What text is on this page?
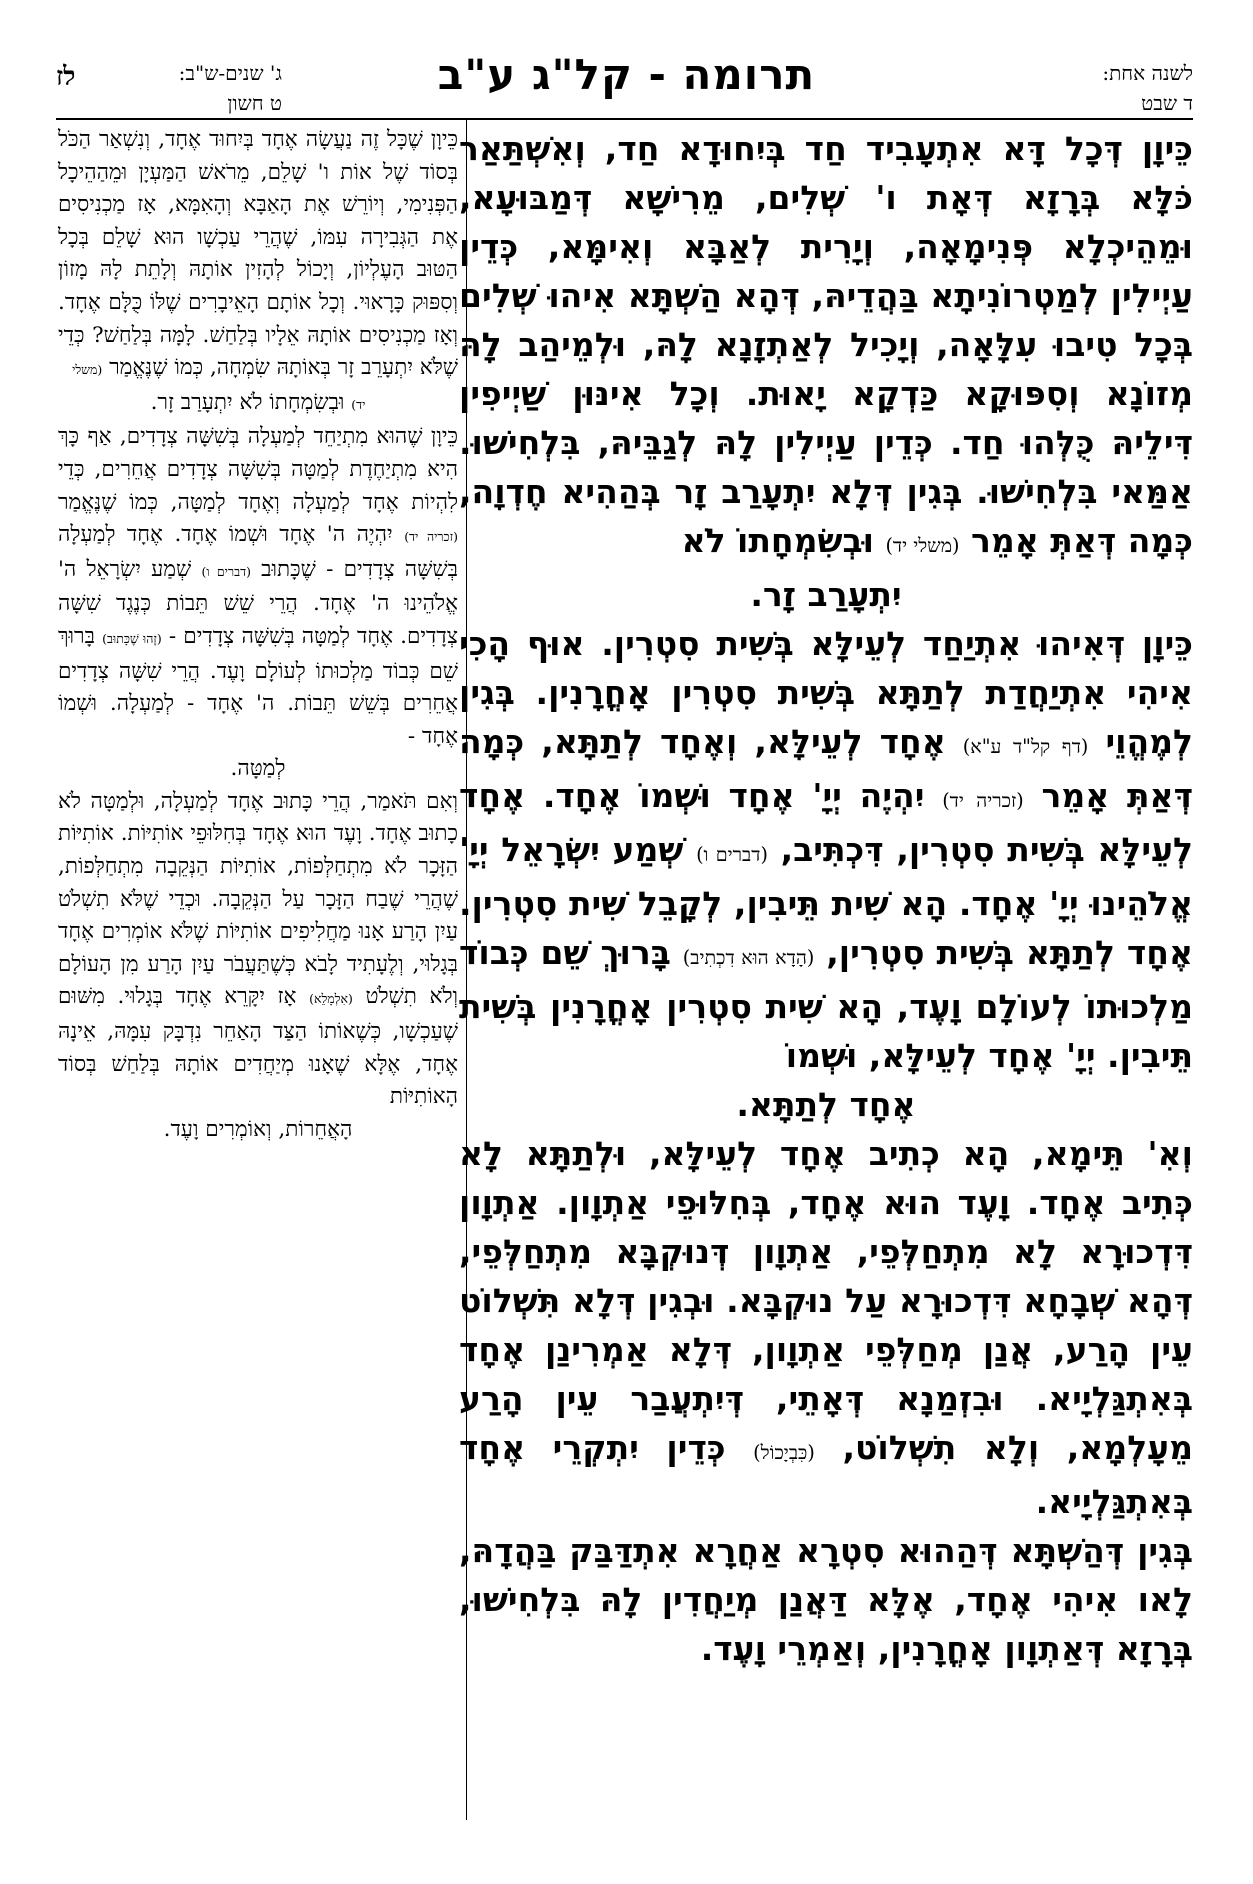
לשנה אחת:
ד שבט
תרומה - קל"ג ע"ב
ג' שנים-ש"ב:
ט חשון
לז

כֵּיוָן דְּכָל דָּא אִתְעָבִיד חַד בְּיִחוּדָא חַד, וְאִשְׁתַּאַר כֹּלָּא בְּרָזָא דְּאָת ו' שְׁלִים, מֵרִישָׁא דְּמַבּוּעָא, וּמֵהֵיכְלָא פְּנִימָאָה, וְיָרִית לְאַבָּא וְאִימָּא, כְּדֵין עַיְילִין לְמַטְרוֹנִיתָא בַּהֲדֵיהּ, דְּהָא הַשְׁתָּא אִיהוּ שְׁלִים בְּכָל טִיבוּ עִלָּאָה, וְיָכִיל לְאַתְזָנָא לָהּ, וּלְמֵיהַב לָהּ מְזוֹנָא וְסִפּוּקָא כַּדְקָא יָאוּת. וְכָל אִינּוּן שַׁיְיפִין דִּילֵיהּ כֻּלְּהוּ חַד. כְּדֵין עַיְילִין לָהּ לְגַבֵּיהּ, בִּלְחִישׁוּ. אַמַּאי בִּלְחִישׁוּ. בְּגִין דְּלָא יִתְעָרַב זָר בְּהַהִיא חֶדְוָה, כְּמָה דְּאַתְּ אָמֵר (משלי יד) וּבְשִׂמְחָתוֹ לֹא

יִתְעָרַב זָר.

כֵּיוָן דְּאִיהוּ אִתְיַחַד לְעֵילָּא בְּשִׁית סִטְרִין. אוּף הָכִי אִיהִי אִתְיַחֲדַת לְתַתָּא בְּשִׁית סִטְרִין אָחֳרָנִין. בְּגִין לְמֶהֱוֵי (דף קל"ד ע"א) אֶחָד לְעֵילָּא, וְאֶחָד לְתַתָּא, כְּמָה דְּאַתְּ אָמֵר (זכריה יד) יִהְיֶה יְיָ' אֶחָד וּשְׁמוֹ אֶחָד. אֶחָד לְעֵילָּא בְּשִׁית סִטְרִין, דִּכְתִּיב, (דברים ו) שְׁמַע יִשְׂרָאֵל יְיָ' אֱלֹהֵינוּ יְיָ' אֶחָד. הָא שִׁית תֵּיבִין, לְקָבֵל שִׁית סִטְרִין. אֶחָד לְתַתָּא בְּשִׁית סִטְרִין, (הָדָא הוּא דִכְתִיב) בָּרוּךְ שֵׁם כְּבוֹד מַלְכוּתוֹ לְעוֹלָם וָעֶד, הָא שִׁית סִטְרִין אָחֳרָנִין בְּשִׁית תֵּיבִין. יְיָ' אֶחָד לְעֵילָּא, וּשְׁמוֹ

אֶחָד לְתַתָּא.

וְאִ' תֵּימָא, הָא כְתִיב אֶחָד לְעֵילָּא, וּלְתַתָּא לָא כְּתִיב אֶחָד. וָעֶד הוּא אֶחָד, בְּחִלּוּפֵי אַתְוָון. אַתְוָון דִּדְכוּרָא לָא מִתְחַלְּפֵי, אַתְוָון דְּנוּקְבָּא מִתְחַלְּפֵי, דְּהָא שְׁבָחָא דִּדְכוּרָא עַל נוּקְבָּא. וּבְגִין דְּלָא תִּשְׁלוֹט עֵין הָרַע, אֲנַן מְחַלְּפֵי אַתְוָון, דְּלָא אַמְרִינַן אֶחָד בְּאִתְגַּלְיָיא. וּבִזְמַנָא דְּאָתֵי, דְּיִתְעֲבַר עֵין הָרַע מֵעָלְמָא, וְלָא תִשְׁלוֹט, (כִּבְיָכוֹל) כְּדֵין יִתְקְרֵי אֶחָד בְּאִתְגַּלְיָיא.

בְּגִין דְּהַשְׁתָּא דְּהַהוּא סִטְרָא אַחֲרָא אִתְדַּבַּק בַּהֲדָהּ, לָאו אִיהִי אֶחָד, אֶלָּא דַּאֲנַן מְיַחֲדִין לָהּ בִּלְחִישׁוּ, בְּרָזָא דְּאַתְוָון אָחֳרָנִין, וְאַמְרֵי וָעֶד.

כֵּיוָן שֶׁכָּל זֶה נַעֲשָׂה אֶחָד בְּיִחוּד אֶחָד, וְנִשְׁאַר הַכֹּל בְּסוֹד שֶׁל אוֹת ו' שָׁלֵם, מֵרֹאשׁ הַמַּעְיָן וּמֵהַהֵיכָל הַפְּנִימִי, וְיוֹרֵשׁ אֶת הָאַבָּא וְהָאִמָּא, אָז מַכְנִיסִים אֶת הַגְּבִירָה עִמּוֹ, שֶׁהֲרֵי עַכְשָׁו הוּא שָׁלֵם בְּכָל הַטּוּב הָעֶלְיוֹן, וְיָכוֹל לְהָזִין אוֹתָהּ וְלָתֵת לָהּ מָזוֹן וְסִפּוּק כָּרָאוּי. וְכָל אוֹתָם הָאֵיבָרִים שֶׁלּוֹ כֻּלָּם אֶחָד. וְאָז מַכְנִיסִים אוֹתָהּ אֵלָיו בְּלַחַשׁ. לָמָּה בְּלַחַשׁ? כְּדֵי שֶׁלֹּא יִתְעָרֵב זָר בְּאוֹתָהּ שִׂמְחָה, כְּמוֹ שֶׁנֶּאֱמַר (משלי

יד) וּבְשִׂמְחָתוֹ לֹא יִתְעָרַב זָר.

כֵּיוָן שֶׁהוּא מִתְיַחֵד לְמַעְלָה בְּשִׁשָּׁה צְדָדִים, אַף כָּךְ הִיא מִתְיַחֶדֶת לְמַטָּה בְּשִׁשָּׁה צְדָדִים אֲחֵרִים, כְּדֵי לִהְיוֹת אֶחָד לְמַעְלָה וְאֶחָד לְמַטָּה, כְּמוֹ שֶׁנֶּאֱמַר (זכריה יד) יִהְיֶה ה' אֶחָד וּשְׁמוֹ אֶחָד. אֶחָד לְמַעְלָה בְּשִׁשָּׁה צְדָדִים - שֶׁכָּתוּב (דברים ו) שְׁמַע יִשְׂרָאֵל ה' אֱלֹהֵינוּ ה' אֶחָד. הֲרֵי שֵׁשׁ תֵּבוֹת כְּנֶגֶד שִׁשָּׁה צְדָדִים. אֶחָד לְמַטָּה בְּשִׁשָּׁה צְדָדִים - (זֶהוּ שֶׁכָּתוּב) בָּרוּךְ שֵׁם כְּבוֹד מַלְכוּתוֹ לְעוֹלָם וָעֶד. הֲרֵי שִׁשָּׁה צְדָדִים אֲחֵרִים בְּשֵׁשׁ תֵּבוֹת. ה' אֶחָד - לְמַעְלָה. וּשְׁמוֹ אֶחָד -

לְמַטָּה.

וְאִם תֹּאמַר, הֲרֵי כָּתוּב אֶחָד לְמַעְלָה, וּלְמַטָּה לֹא כָתוּב אֶחָד. וָעֶד הוּא אֶחָד בְּחִלּוּפֵי אוֹתִיּוֹת. אוֹתִיּוֹת הַזָּכָר לֹא מִתְחַלְּפוֹת, אוֹתִיּוֹת הַנְּקֵבָה מִתְחַלְּפוֹת, שֶׁהֲרֵי שֶׁבַח הַזָּכָר עַל הַנְּקֵבָה. וּכְדֵי שֶׁלֹּא תִשְׁלֹט עַיִן הָרַע אָנוּ מַחֲלִיפִים אוֹתִיּוֹת שֶׁלֹּא אוֹמְרִים אֶחָד בְּגָלוּי, וְלֶעָתִיד לָבֹא כְּשֶׁתַּעֲבֹר עַיִן הָרַע מִן הָעוֹלָם וְלֹא תִשְׁלֹט (אִלְמָלֵא) אָז יִקָּרֵא אֶחָד בְּגָלוּי. מִשּׁוּם שֶׁעַכְשָׁו, כְּשֶׁאוֹתוֹ הַצַּד הָאַחֵר נִדְבָּק עִמָּהּ, אֵינָהּ אֶחָד, אֶלָּא שֶׁאָנוּ מְיַחֲדִים אוֹתָהּ בְּלַחַשׁ בְּסוֹד הָאוֹתִיּוֹת

הָאֲחֵרוֹת, וְאוֹמְרִים וָעֶד.
